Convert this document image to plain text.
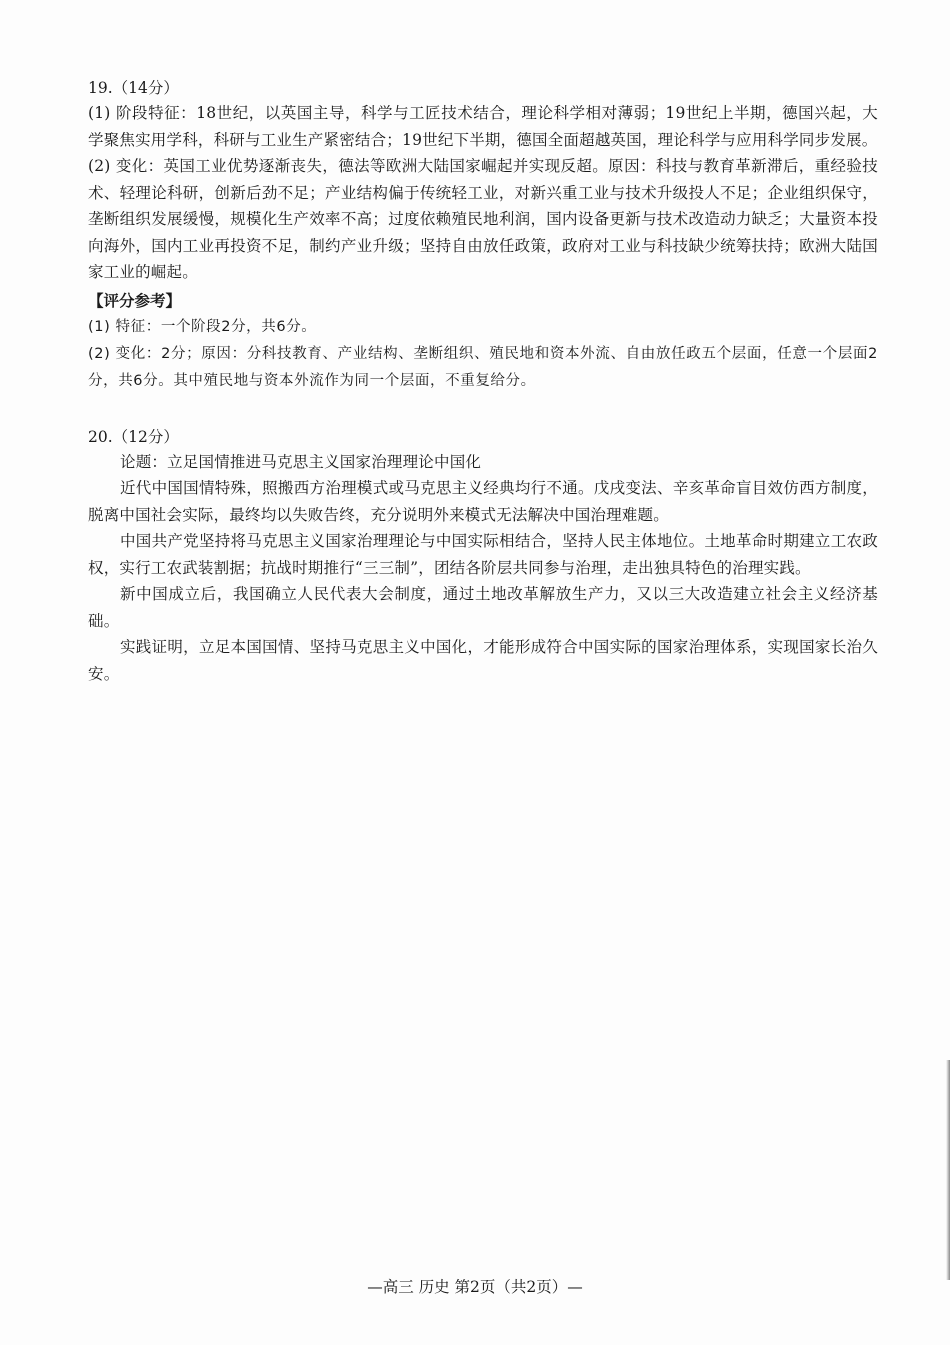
19.（14分）

(1) 阶段特征：18世纪，以英国主导，科学与工匠技术结合，理论科学相对薄弱；19世纪上半期，德国兴起，大学聚焦实用学科，科研与工业生产紧密结合；19世纪下半期，德国全面超越英国，理论科学与应用科学同步发展。

(2) 变化：英国工业优势逐渐丧失，德法等欧洲大陆国家崛起并实现反超。原因：科技与教育革新滞后，重经验技术、轻理论科研，创新后劲不足；产业结构偏于传统轻工业，对新兴重工业与技术升级投人不足；企业组织保守，垄断组织发展缓慢，规模化生产效率不高；过度依赖殖民地利润，国内设备更新与技术改造动力缺乏；大量资本投向海外，国内工业再投资不足，制约产业升级；坚持自由放任政策，政府对工业与科技缺少统筹扶持；欧洲大陆国家工业的崛起。

【评分参考】

(1) 特征：一个阶段2分，共6分。

(2) 变化：2分；原因：分科技教育、产业结构、垄断组织、殖民地和资本外流、自由放任政五个层面，任意一个层面2分，共6分。其中殖民地与资本外流作为同一个层面，不重复给分。

20.（12分）

论题：立足国情推进马克思主义国家治理理论中国化

近代中国国情特殊，照搬西方治理模式或马克思主义经典均行不通。戊戌变法、辛亥革命盲目效仿西方制度，脱离中国社会实际，最终均以失败告终，充分说明外来模式无法解决中国治理难题。

中国共产党坚持将马克思主义国家治理理论与中国实际相结合，坚持人民主体地位。土地革命时期建立工农政权，实行工农武装割据；抗战时期推行“三三制”，团结各阶层共同参与治理，走出独具特色的治理实践。

新中国成立后，我国确立人民代表大会制度，通过土地改革解放生产力，又以三大改造建立社会主义经济基础。

实践证明，立足本国国情、坚持马克思主义中国化，才能形成符合中国实际的国家治理体系，实现国家长治久安。

—高三 历史 第2页（共2页）—
